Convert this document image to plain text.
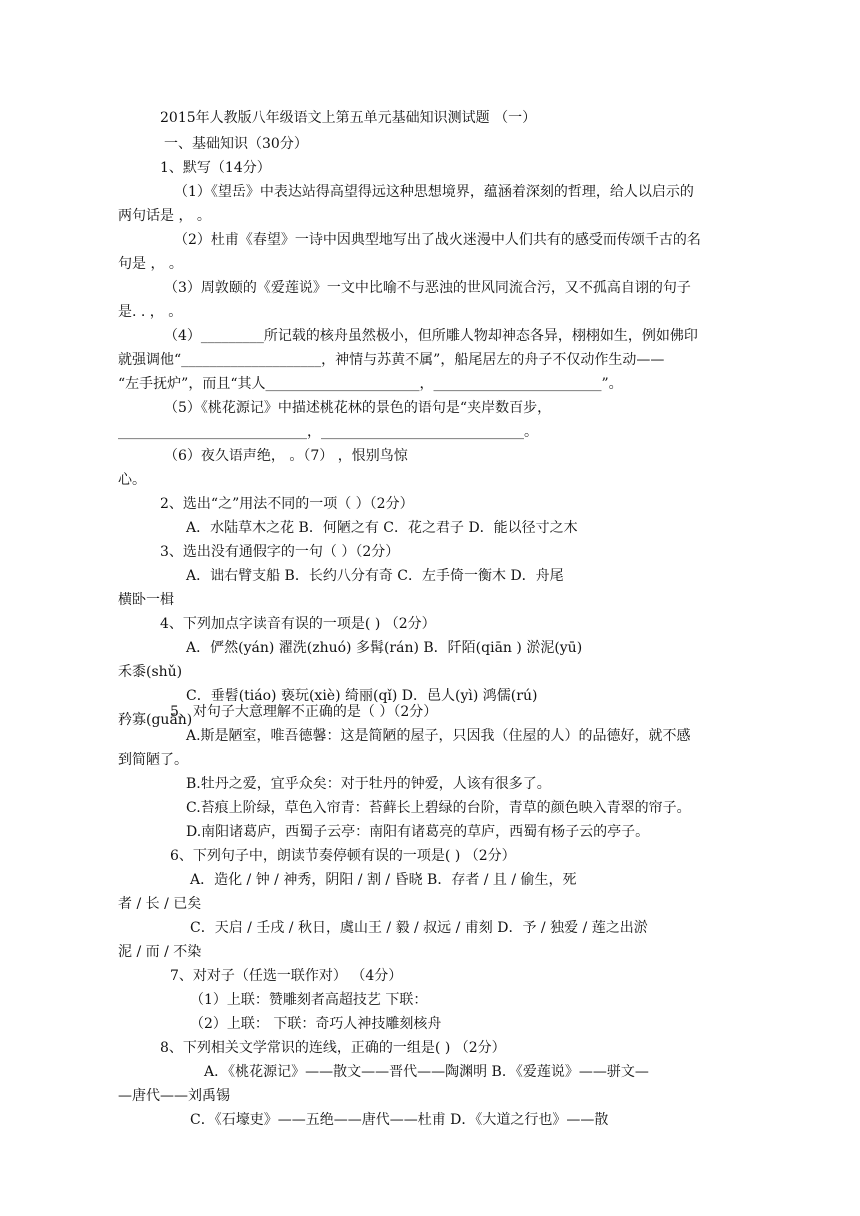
2015年人教版八年级语文上第五单元基础知识测试题 （一）
一、基础知识（30分）
1、默写（14分）
（1）《望岳》中表达站得高望得远这种思想境界，蕴涵着深刻的哲理，给人以启示的
两句话是 ， 。
（2）杜甫《春望》一诗中因典型地写出了战火迷漫中人们共有的感受而传颂千古的名
句是 ， 。
（3）周敦颐的《爱莲说》一文中比喻不与恶浊的世风同流合污，又不孤高自诩的句子
是. . ， 。
（4）_________所记载的核舟虽然极小，但所雕人物却神态各异，栩栩如生，例如佛印
就强调他“____________________，神情与苏黄不属”，船尾居左的舟子不仅动作生动——
“左手抚炉”，而且“其人______________________，________________________”。
（5）《桃花源记》中描述桃花林的景色的语句是“夹岸数百步，
___________________________，_____________________________。
（6）夜久语声绝， 。（7） ，恨别鸟惊
心。
2、选出“之”用法不同的一项（ ）（2分）
A．水陆草木之花 B．何陋之有 C．花之君子 D．能以径寸之木
3、选出没有通假字的一句（ ）（2分）
A．诎右臂支船 B．长约八分有奇 C．左手倚一衡木 D．舟尾
横卧一楫
4、下列加点字读音有误的一项是( ) （2分）
A．俨然(yán) 濯洗(zhuó) 多髯(rán) B．阡陌(qiān ) 淤泥(yū)
禾黍(shǔ)
C．垂髫(tiáo) 亵玩(xiè) 绮丽(qǐ) D．邑人(yì) 鸿儒(rú)
矜寡(guān)
5、对句子大意理解不正确的是（ ）（2分）
A.斯是陋室，唯吾德馨：这是简陋的屋子，只因我（住屋的人）的品德好，就不感
到简陋了。
B.牡丹之爱，宜乎众矣：对于牡丹的钟爱，人该有很多了。
C.苔痕上阶绿，草色入帘青：苔藓长上碧绿的台阶，青草的颜色映入青翠的帘子。
D.南阳诸葛庐，西蜀子云亭：南阳有诸葛亮的草庐，西蜀有杨子云的亭子。
6、下列句子中，朗读节奏停顿有误的一项是( ) （2分）
A．造化 / 钟 / 神秀，阴阳 / 割 / 昏晓 B．存者 / 且 / 偷生，死
者 / 长 / 已矣
C．天启 / 壬戌 / 秋日，虞山王 / 毅 / 叔远 / 甫刻 D．予 / 独爱 / 莲之出淤
泥 / 而 / 不染
7、对对子（任选一联作对） （4分）
（1）上联：赞雕刻者高超技艺 下联：
（2）上联： 下联：奇巧人神技雕刻核舟
8、下列相关文学常识的连线，正确的一组是( ) （2分）
A．《桃花源记》——散文——晋代——陶渊明 B．《爱莲说》——骈文—
—唐代——刘禹锡
C．《石壕吏》——五绝——唐代——杜甫 D．《大道之行也》——散
